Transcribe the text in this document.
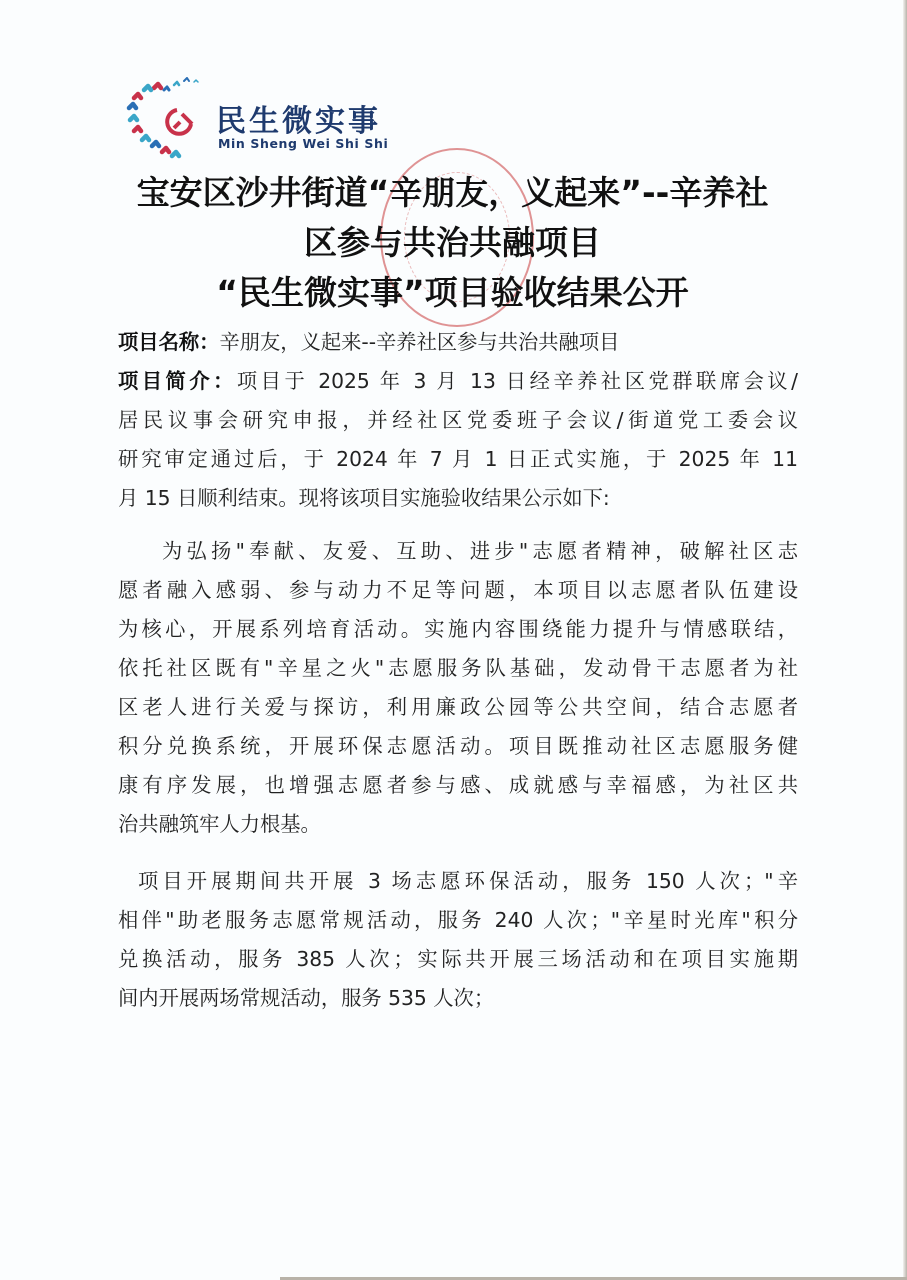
民生微实事
Min Sheng Wei Shi Shi
宝安区沙井街道“辛朋友，义起来”--辛养社
区参与共治共融项目
“民生微实事”项目验收结果公开
项目名称：辛朋友，义起来--辛养社区参与共治共融项目
项目简介：项目于 2025 年 3 月 13 日经辛养社区党群联席会议/
居民议事会研究申报，并经社区党委班子会议/街道党工委会议
研究审定通过后，于 2024 年 7 月 1 日正式实施，于 2025 年 11
月 15 日顺利结束。现将该项目实施验收结果公示如下:
为弘扬"奉献、友爱、互助、进步"志愿者精神，破解社区志
愿者融入感弱、参与动力不足等问题，本项目以志愿者队伍建设
为核心，开展系列培育活动。实施内容围绕能力提升与情感联结，
依托社区既有"辛星之火"志愿服务队基础，发动骨干志愿者为社
区老人进行关爱与探访，利用廉政公园等公共空间，结合志愿者
积分兑换系统，开展环保志愿活动。项目既推动社区志愿服务健
康有序发展，也增强志愿者参与感、成就感与幸福感，为社区共
治共融筑牢人力根基。
项目开展期间共开展 3 场志愿环保活动，服务 150 人次；"辛
相伴"助老服务志愿常规活动，服务 240 人次；"辛星时光库"积分
兑换活动，服务 385 人次；实际共开展三场活动和在项目实施期
间内开展两场常规活动，服务 535 人次；
